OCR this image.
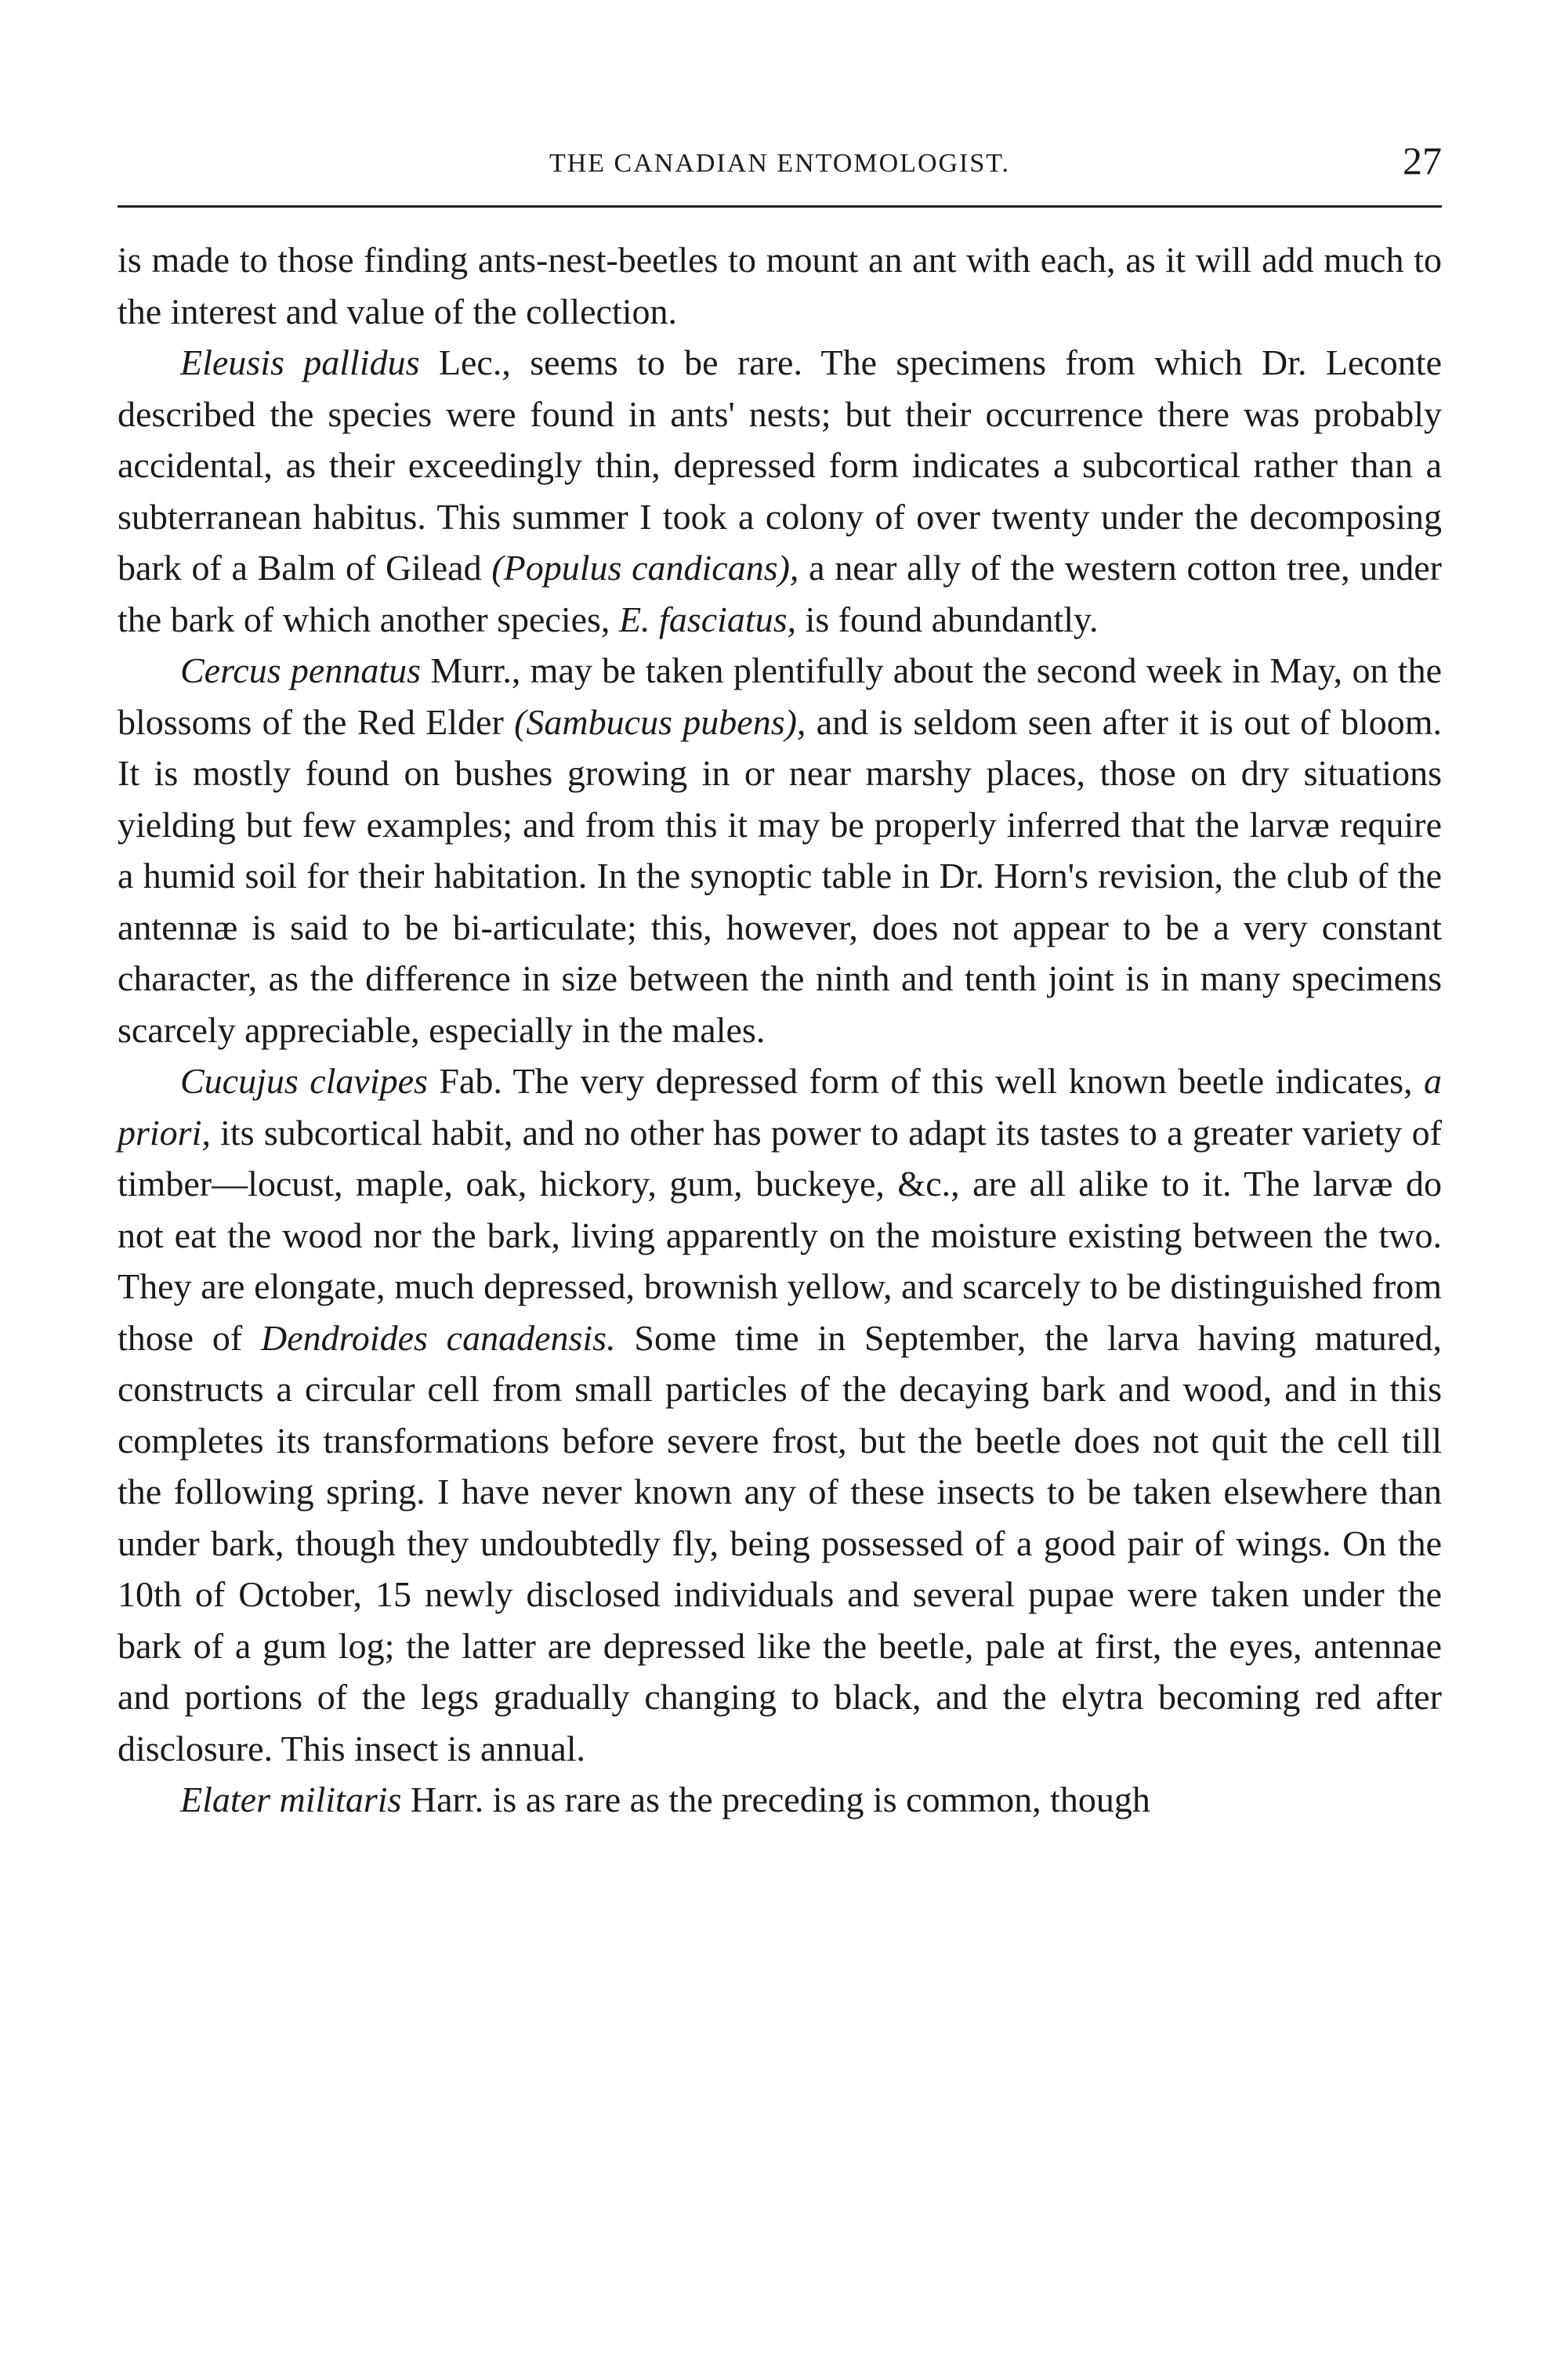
THE CANADIAN ENTOMOLOGIST.	27

is made to those finding ants-nest-beetles to mount an ant with each, as it will add much to the interest and value of the collection.

Eleusis pallidus Lec., seems to be rare. The specimens from which Dr. Leconte described the species were found in ants' nests; but their occurrence there was probably accidental, as their exceedingly thin, depressed form indicates a subcortical rather than a subterranean habitus. This summer I took a colony of over twenty under the decomposing bark of a Balm of Gilead (Populus candicans), a near ally of the western cotton tree, under the bark of which another species, E. fasciatus, is found abundantly.

Cercus pennatus Murr., may be taken plentifully about the second week in May, on the blossoms of the Red Elder (Sambucus pubens), and is seldom seen after it is out of bloom. It is mostly found on bushes growing in or near marshy places, those on dry situations yielding but few examples; and from this it may be properly inferred that the larvæ require a humid soil for their habitation. In the synoptic table in Dr. Horn's revision, the club of the antennæ is said to be bi-articulate; this, however, does not appear to be a very constant character, as the difference in size between the ninth and tenth joint is in many specimens scarcely appreciable, especially in the males.

Cucujus clavipes Fab. The very depressed form of this well known beetle indicates, a priori, its subcortical habit, and no other has power to adapt its tastes to a greater variety of timber—locust, maple, oak, hickory, gum, buckeye, &c., are all alike to it. The larvæ do not eat the wood nor the bark, living apparently on the moisture existing between the two. They are elongate, much depressed, brownish yellow, and scarcely to be distinguished from those of Dendroides canadensis. Some time in September, the larva having matured, constructs a circular cell from small particles of the decaying bark and wood, and in this completes its transformations before severe frost, but the beetle does not quit the cell till the following spring. I have never known any of these insects to be taken elsewhere than under bark, though they undoubtedly fly, being possessed of a good pair of wings. On the 10th of October, 15 newly disclosed individuals and several pupae were taken under the bark of a gum log; the latter are depressed like the beetle, pale at first, the eyes, antennae and portions of the legs gradually changing to black, and the elytra becoming red after disclosure. This insect is annual.

Elater militaris Harr. is as rare as the preceding is common, though
